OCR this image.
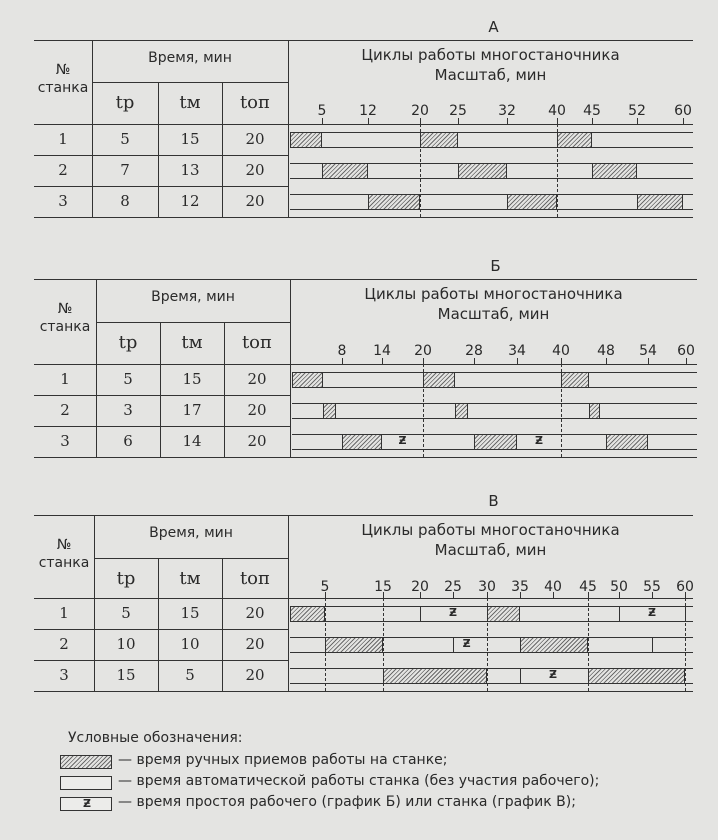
А
№
станка
Время, мин
tр	tм	tоп
Циклы работы многостаночника
Масштаб, мин
5	12	20	25	32	40	45	52	60
1	5	15	20
2	7	13	20
3	8	12	20
Б
№
станка
Время, мин
tр	tм	tоп
Циклы работы многостаночника
Масштаб, мин
8	14	20	28	34	40	48	54	60
1	5	15	20
2	3	17	20
3	6	14	20	Ƶ	Ƶ
В
№
станка
Время, мин
tр	tм	tоп
Циклы работы многостаночника
Масштаб, мин
5	15	20	25	30	35	40	45 50	55	60
1	5	15	20	Ƶ	Ƶ
2	10	10	20	Ƶ
3	15	5	20	Ƶ
Условные обозначения:
— время ручных приемов работы на станке;
— время автоматической работы станка (без участия рабочего);
Ƶ — время простоя рабочего (график Б) или станка (график В);
